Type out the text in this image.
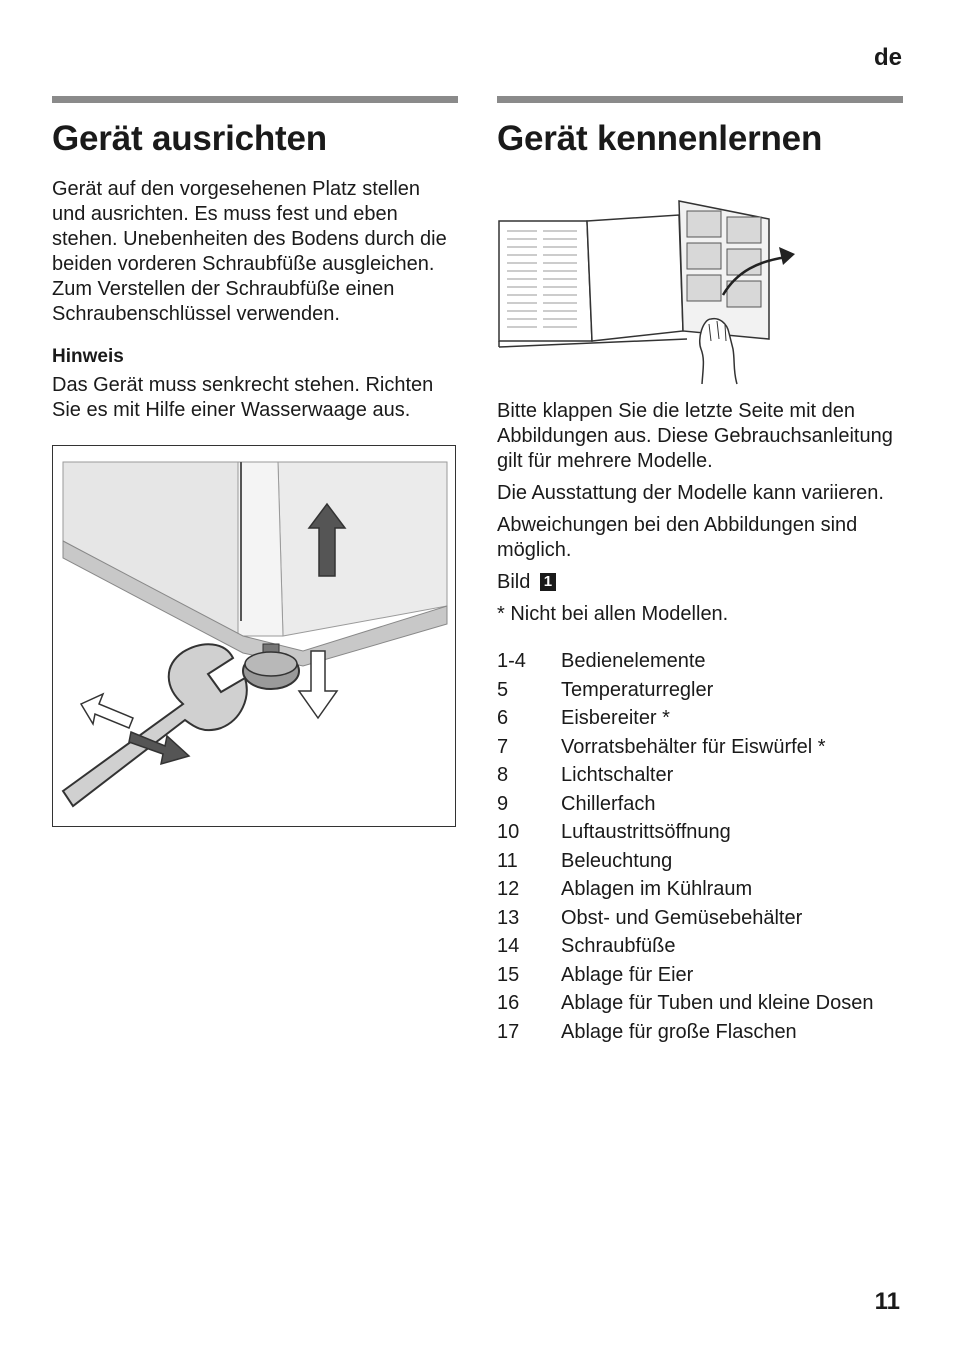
de
Gerät ausrichten

Gerät auf den vorgesehenen Platz stellen und ausrichten. Es muss fest und eben stehen. Unebenheiten des Bodens durch die beiden vorderen Schraubfüße ausgleichen. Zum Verstellen der Schraubfüße einen Schraubenschlüssel verwenden.

Hinweis

Das Gerät muss senkrecht stehen. Richten Sie es mit Hilfe einer Wasserwaage aus.

Gerät kennenlernen

Bitte klappen Sie die letzte Seite mit den Abbildungen aus. Diese Gebrauchsanleitung gilt für mehrere Modelle.

Die Ausstattung der Modelle kann variieren.

Abweichungen bei den Abbildungen sind möglich.

Bild 1

* Nicht bei allen Modellen.

1-4	Bedienelemente
5	Temperaturregler
6	Eisbereiter *
7	Vorratsbehälter für Eiswürfel *
8	Lichtschalter
9	Chillerfach
10	Luftaustrittsöffnung
11	Beleuchtung
12	Ablagen im Kühlraum
13	Obst- und Gemüsebehälter
14	Schraubfüße
15	Ablage für Eier
16	Ablage für Tuben und kleine Dosen
17	Ablage für große Flaschen
11
